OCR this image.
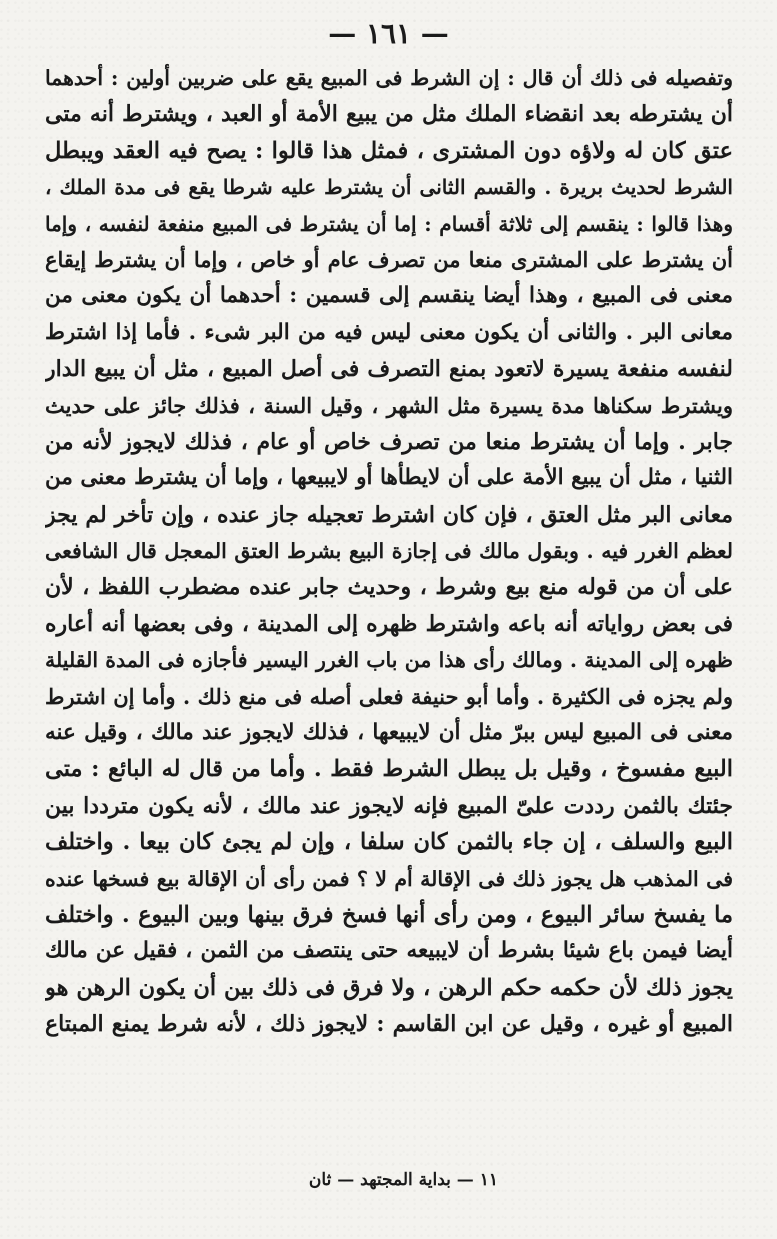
— ١٦١ —
وتفصيله فى ذلك أن قال : إن الشرط فى المبيع يقع على ضربين أولين : أحدهما
أن يشترطه بعد انقضاء الملك مثل من يبيع الأمة أو العبد ، ويشترط أنه متى
عتق كان له ولاؤه دون المشترى ، فمثل هذا قالوا : يصح فيه العقد ويبطل
الشرط لحديث بريرة . والقسم الثانى أن يشترط عليه شرطا يقع فى مدة الملك ،
وهذا قالوا : ينقسم إلى ثلاثة أقسام : إما أن يشترط فى المبيع منفعة لنفسه ، وإما
أن يشترط على المشترى منعا من تصرف عام أو خاص ، وإما أن يشترط إيقاع
معنى فى المبيع ، وهذا أيضا ينقسم إلى قسمين : أحدهما أن يكون معنى من
معانى البر . والثانى أن يكون معنى ليس فيه من البر شىء . فأما إذا اشترط
لنفسه منفعة يسيرة لاتعود بمنع التصرف فى أصل المبيع ، مثل أن يبيع الدار
ويشترط سكناها مدة يسيرة مثل الشهر ، وقيل السنة ، فذلك جائز على حديث
جابر . وإما أن يشترط منعا من تصرف خاص أو عام ، فذلك لايجوز لأنه من
الثنيا ، مثل أن يبيع الأمة على أن لايطأها أو لايبيعها ، وإما أن يشترط معنى من
معانى البر مثل العتق ، فإن كان اشترط تعجيله جاز عنده ، وإن تأخر لم يجز
لعظم الغرر فيه . وبقول مالك فى إجازة البيع بشرط العتق المعجل قال الشافعى
على أن من قوله منع بيع وشرط ، وحديث جابر عنده مضطرب اللفظ ، لأن
فى بعض رواياته أنه باعه واشترط ظهره إلى المدينة ، وفى بعضها أنه أعاره
ظهره إلى المدينة . ومالك رأى هذا من باب الغرر اليسير فأجازه فى المدة القليلة
ولم يجزه فى الكثيرة . وأما أبو حنيفة فعلى أصله فى منع ذلك . وأما إن اشترط
معنى فى المبيع ليس ببرّ مثل أن لايبيعها ، فذلك لايجوز عند مالك ، وقيل عنه
البيع مفسوخ ، وقيل بل يبطل الشرط فقط . وأما من قال له البائع : متى
جئتك بالثمن رددت علىّ المبيع فإنه لايجوز عند مالك ، لأنه يكون مترددا بين
البيع والسلف ، إن جاء بالثمن كان سلفا ، وإن لم يجئ كان بيعا . واختلف
فى المذهب هل يجوز ذلك فى الإقالة أم لا ؟ فمن رأى أن الإقالة بيع فسخها عنده
ما يفسخ سائر البيوع ، ومن رأى أنها فسخ فرق بينها وبين البيوع . واختلف
أيضا فيمن باع شيئا بشرط أن لايبيعه حتى ينتصف من الثمن ، فقيل عن مالك
يجوز ذلك لأن حكمه حكم الرهن ، ولا فرق فى ذلك بين أن يكون الرهن هو
المبيع أو غيره ، وقيل عن ابن القاسم : لايجوز ذلك ، لأنه شرط يمنع المبتاع
١١ — بداية المجتهد — ثان
